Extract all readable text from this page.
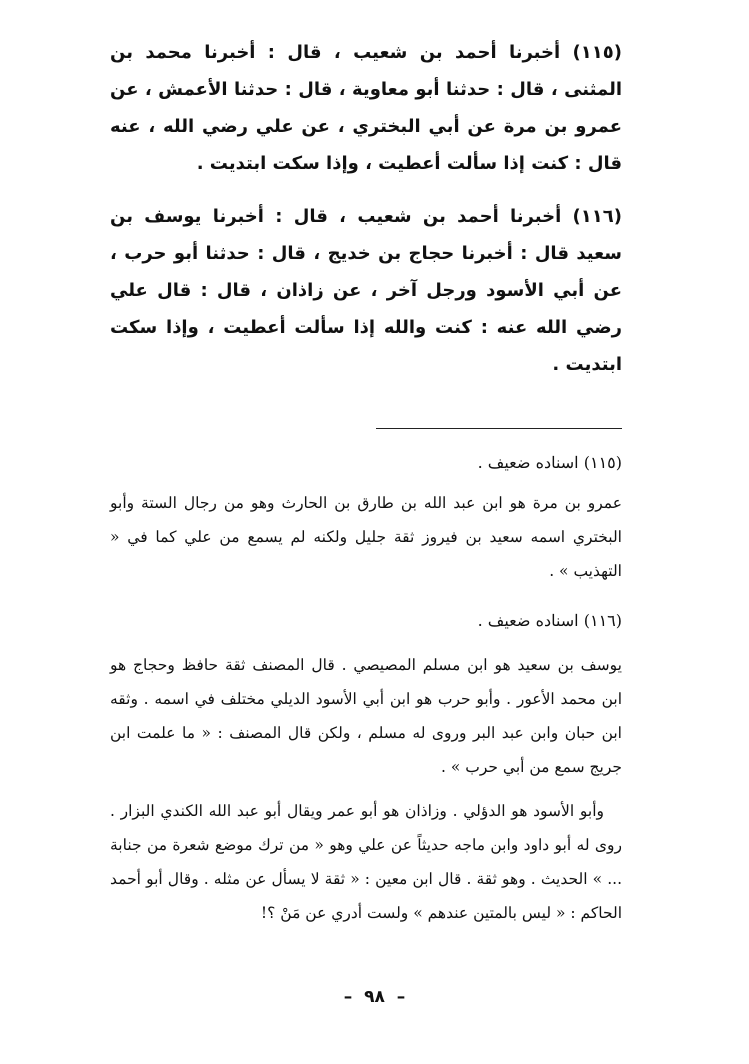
(١١٥) أخبرنا أحمد بن شعيب ، قال : أخبرنا محمد بن المثنى ، قال : حدثنا أبو معاوية ، قال : حدثنا الأعمش ، عن عمرو بن مرة عن أبي البختري ، عن علي رضي الله ، عنه قال : كنت إذا سألت أعطيت ، وإذا سكت ابتديت .
(١١٦) أخبرنا أحمد بن شعيب ، قال : أخبرنا يوسف بن سعيد قال : أخبرنا حجاج بن خديج ، قال : حدثنا أبو حرب ، عن أبي الأسود ورجل آخر ، عن زاذان ، قال : قال علي رضي الله عنه : كنت والله إذا سألت أعطيت ، وإذا سكت ابتديت .
(١١٥) اسناده ضعيف .
عمرو بن مرة هو ابن عبد الله بن طارق بن الحارث وهو من رجال الستة وأبو البختري اسمه سعيد بن فيروز ثقة جليل ولكنه لم يسمع من علي كما في « التهذيب » .
(١١٦) اسناده ضعيف .
يوسف بن سعيد هو ابن مسلم المصيصي . قال المصنف ثقة حافظ وحجاج هو ابن محمد الأعور . وأبو حرب هو ابن أبي الأسود الديلي مختلف في اسمه . وثقه ابن حبان وابن عبد البر وروى له مسلم ، ولكن قال المصنف : « ما علمت ابن جريج سمع من أبي حرب » .
وأبو الأسود هو الدؤلي . وزاذان هو أبو عمر ويقال أبو عبد الله الكندي البزار . روى له أبو داود وابن ماجه حديثاً عن علي وهو « من ترك موضع شعرة من جنابة ... » الحديث . وهو ثقة . قال ابن معين : « ثقة لا يسأل عن مثله . وقال أبو أحمد الحاكم : « ليس بالمتين عندهم » ولست أدري عن مَنْ ؟!
– ٩٨ –
